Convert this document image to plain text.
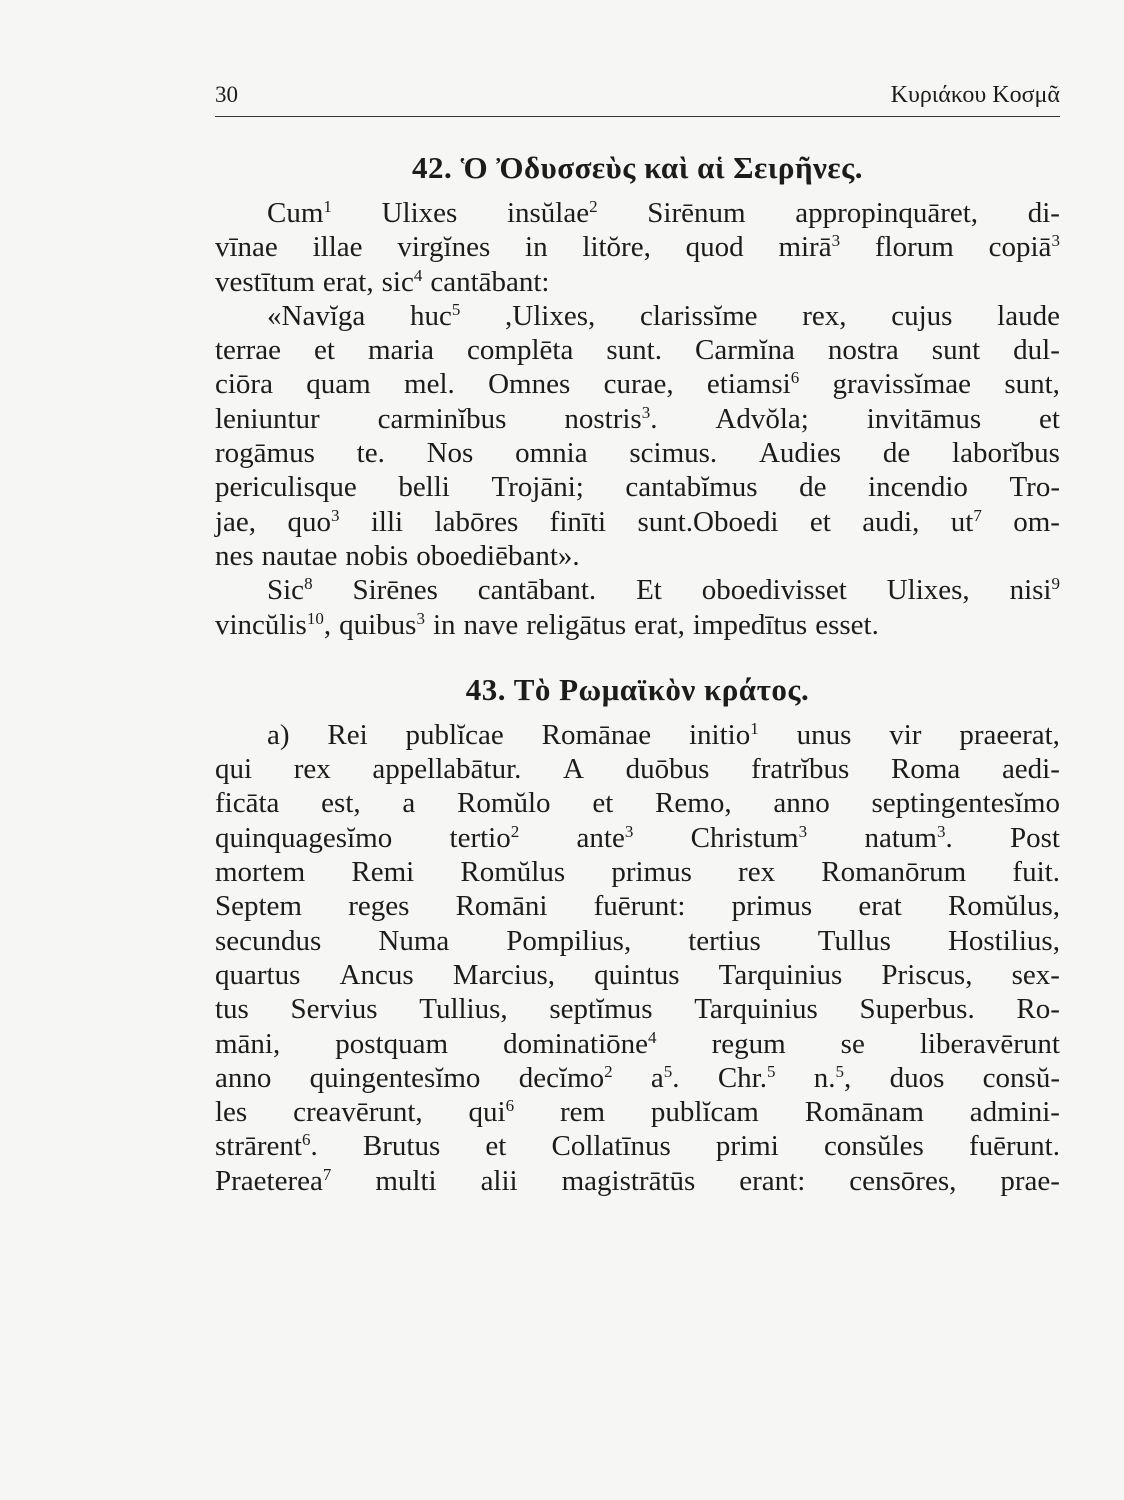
30	Κυριάκου Κοσμᾶ
42. Ὁ Ὀδυσσεὺς καὶ αἱ Σειρῆνες.
Cum$^1$ Ulixes insŭlae$^2$ Sirēnum appropinquāret, di-
vīnae illae virgĭnes in litŏre, quod mirā$^3$ florum copiā$^3$
vestītum erat, sic$^4$ cantābant:
«Navĭga huc$^5$ ,Ulixes, clarissĭme rex, cujus laude
terrae et maria complēta sunt. Carmĭna nostra sunt dul-
ciōra quam mel. Omnes curae, etiamsi$^6$ gravissĭmae sunt,
leniuntur carminĭbus nostris$^3$. Advŏla; invitāmus et
rogāmus te. Nos omnia scimus. Audies de laborĭbus
periculisque belli Trojāni; cantabĭmus de incendio Tro-
jae, quo$^3$ illi labōres finīti sunt.Oboedi et audi, $ut^7$ om-
nes nautae nobis oboediēbant».
Sic$^8$ Sirēnes cantābant. Et oboedivisset Ulixes, nisi$^9$
vincŭlis$^{10}$, quibus$^3$ in nave religātus erat, impedītus esset.
43. Τὸ Ρωμαϊκὸν κράτος.
a) Rei publĭcae Romānae initio$^1$ unus vir praeerat,
qui rex appellabātur. A duōbus fratrĭbus Roma aedi-
ficāta est, a Romŭlo et Remo, anno septingentesĭmo
quinquagesĭmo tertio$^2$ ante$^3$ Christum$^3$ natum$^3$. Post
mortem Remi Romŭlus primus rex Romanōrum fuit.
Septem reges Romāni fuērunt: primus erat Romŭlus,
secundus Numa Pompilius, tertius Tullus Hostilius,
quartus Ancus Marcius, quintus Tarquinius Priscus, sex-
tus Servius Tullius, septĭmus Tarquinius Superbus. Ro-
māni, postquam dominatiōne$^4$ regum se liberavērunt
anno quingentesĭmo decĭmo$^2$ $a^5$. Chr.$^5$ n.$^5$, duos consŭ-
les creavērunt, qui$^6$ rem publĭcam Romānam admini-
strārent$^6$. Brutus et Collatīnus primi consŭles fuērunt.
Praeterea$^7$ multi alii magistrātūs erant: censōres, prae-
